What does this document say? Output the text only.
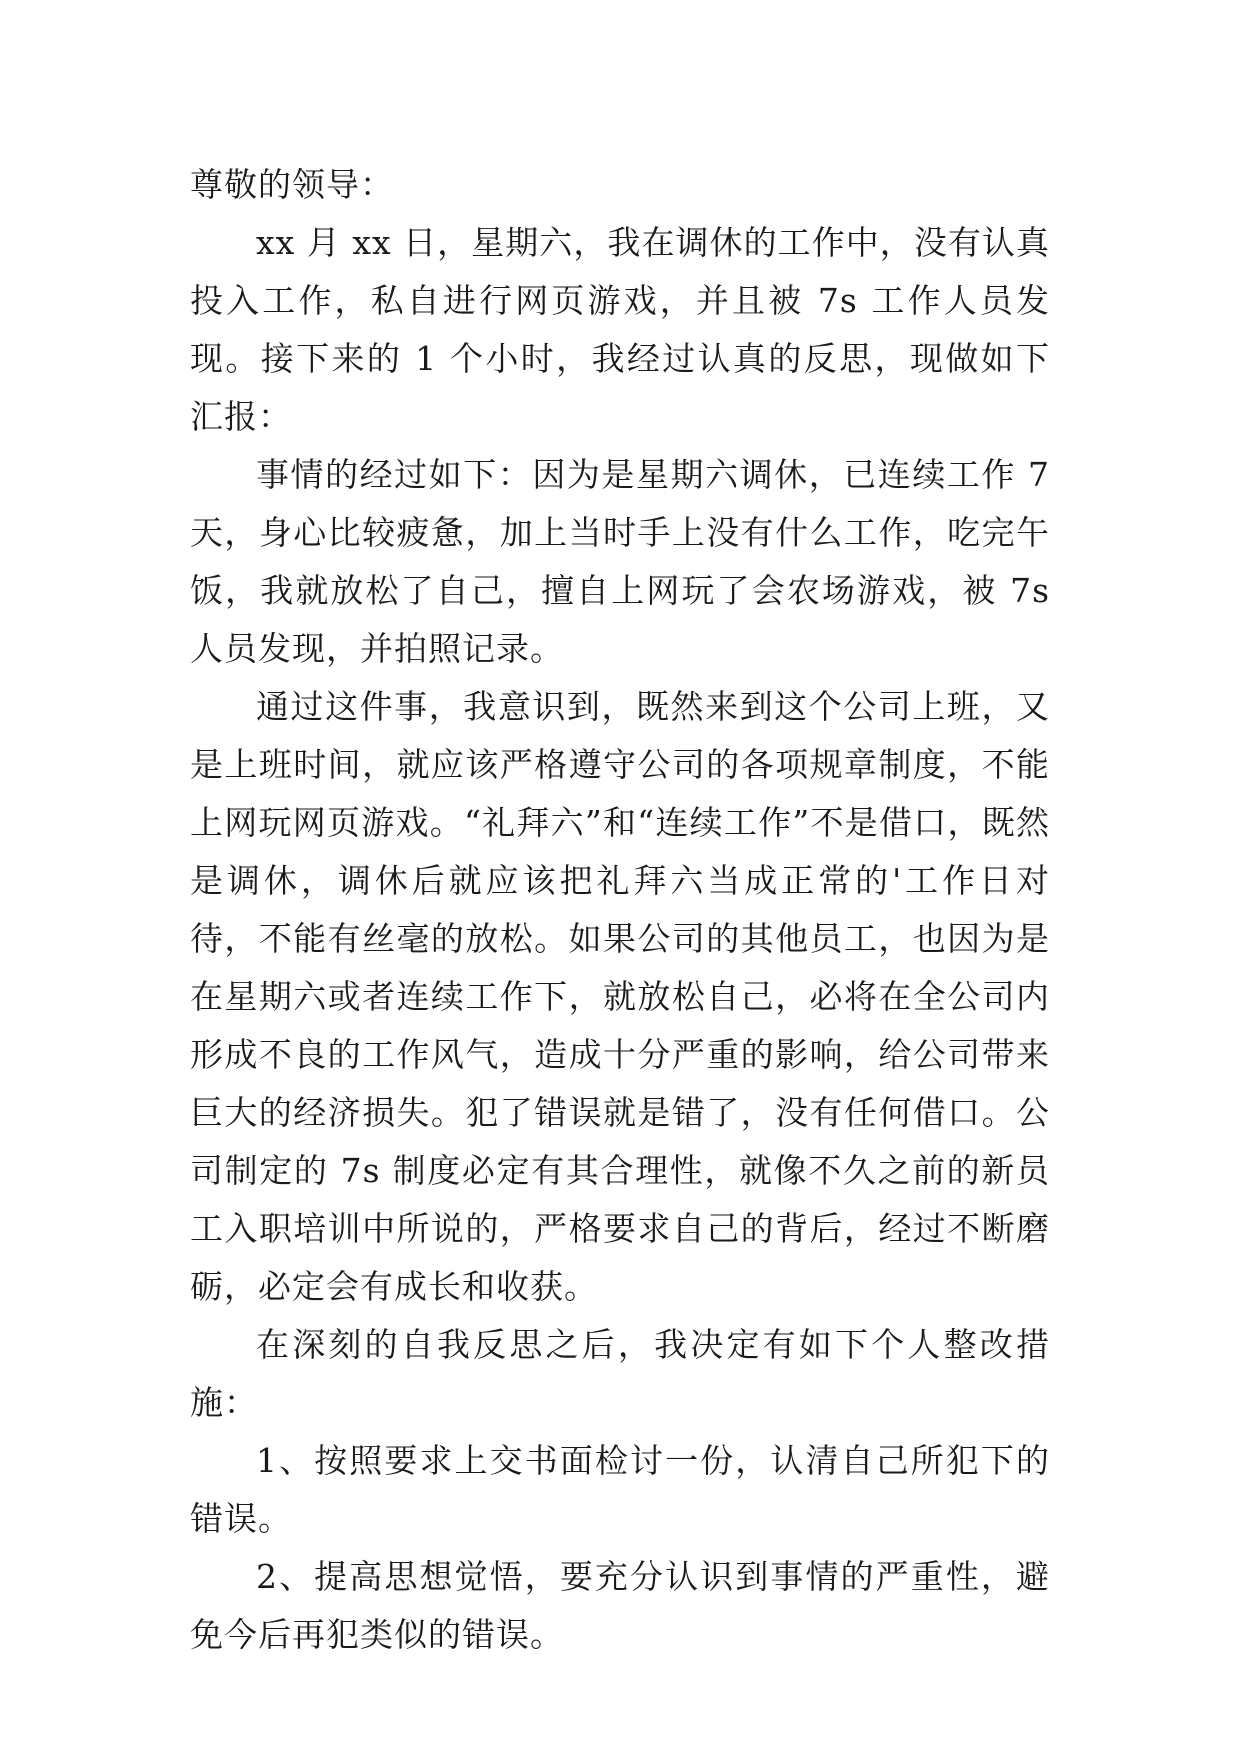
尊敬的领导：

xx 月 xx 日，星期六，我在调休的工作中，没有认真投入工作，私自进行网页游戏，并且被 7s 工作人员发现。接下来的 1 个小时，我经过认真的反思，现做如下汇报：

事情的经过如下：因为是星期六调休，已连续工作 7 天，身心比较疲惫，加上当时手上没有什么工作，吃完午饭，我就放松了自己，擅自上网玩了会农场游戏，被 7s 人员发现，并拍照记录。

通过这件事，我意识到，既然来到这个公司上班，又是上班时间，就应该严格遵守公司的各项规章制度，不能上网玩网页游戏。“礼拜六”和“连续工作”不是借口，既然是调休，调休后就应该把礼拜六当成正常的'工作日对待，不能有丝毫的放松。如果公司的其他员工，也因为是在星期六或者连续工作下，就放松自己，必将在全公司内形成不良的工作风气，造成十分严重的影响，给公司带来巨大的经济损失。犯了错误就是错了，没有任何借口。公司制定的 7s 制度必定有其合理性，就像不久之前的新员工入职培训中所说的，严格要求自己的背后，经过不断磨砺，必定会有成长和收获。

在深刻的自我反思之后，我决定有如下个人整改措施：

1、按照要求上交书面检讨一份，认清自己所犯下的错误。

2、提高思想觉悟，要充分认识到事情的严重性，避免今后再犯类似的错误。
